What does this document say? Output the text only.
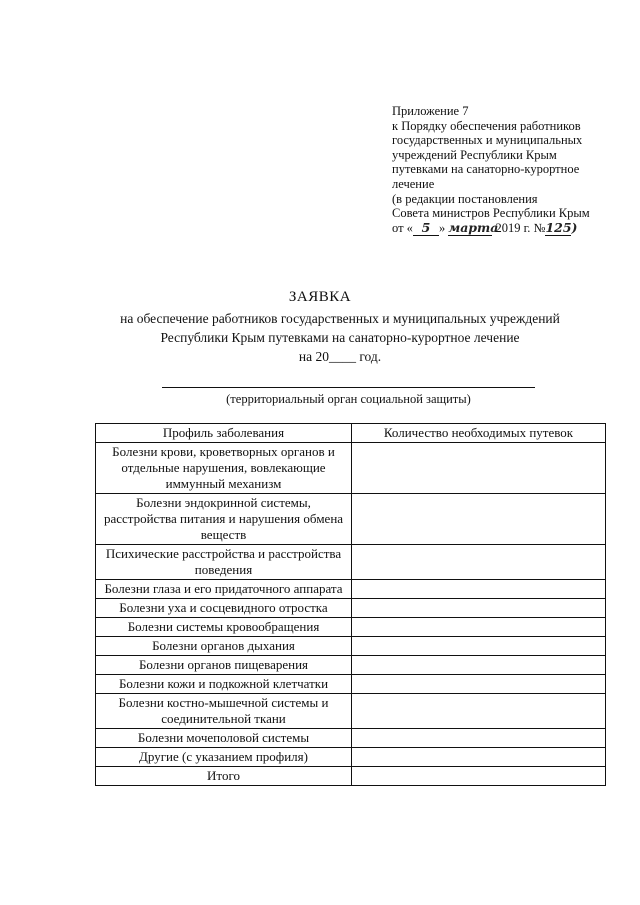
Приложение 7
к Порядку обеспечения работников
государственных и муниципальных
учреждений Республики Крым
путевками на санаторно-курортное
лечение
(в редакции постановления
Совета министров Республики Крым
от « 5 » марта 2019 г. №125)
ЗАЯВКА
на обеспечение работников государственных и муниципальных учреждений
Республики Крым путевками на санаторно-курортное лечение
на 20____ год.
(территориальный орган социальной защиты)
Профиль заболевания	Количество необходимых путевок
Болезни крови, кроветворных органов и отдельные нарушения, вовлекающие иммунный механизм	
Болезни эндокринной системы, расстройства питания и нарушения обмена веществ	
Психические расстройства и расстройства поведения	
Болезни глаза и его придаточного аппарата	
Болезни уха и сосцевидного отростка	
Болезни системы кровообращения	
Болезни органов дыхания	
Болезни органов пищеварения	
Болезни кожи и подкожной клетчатки	
Болезни костно-мышечной системы и соединительной ткани	
Болезни мочеполовой системы	
Другие (с указанием профиля)	
Итого	
